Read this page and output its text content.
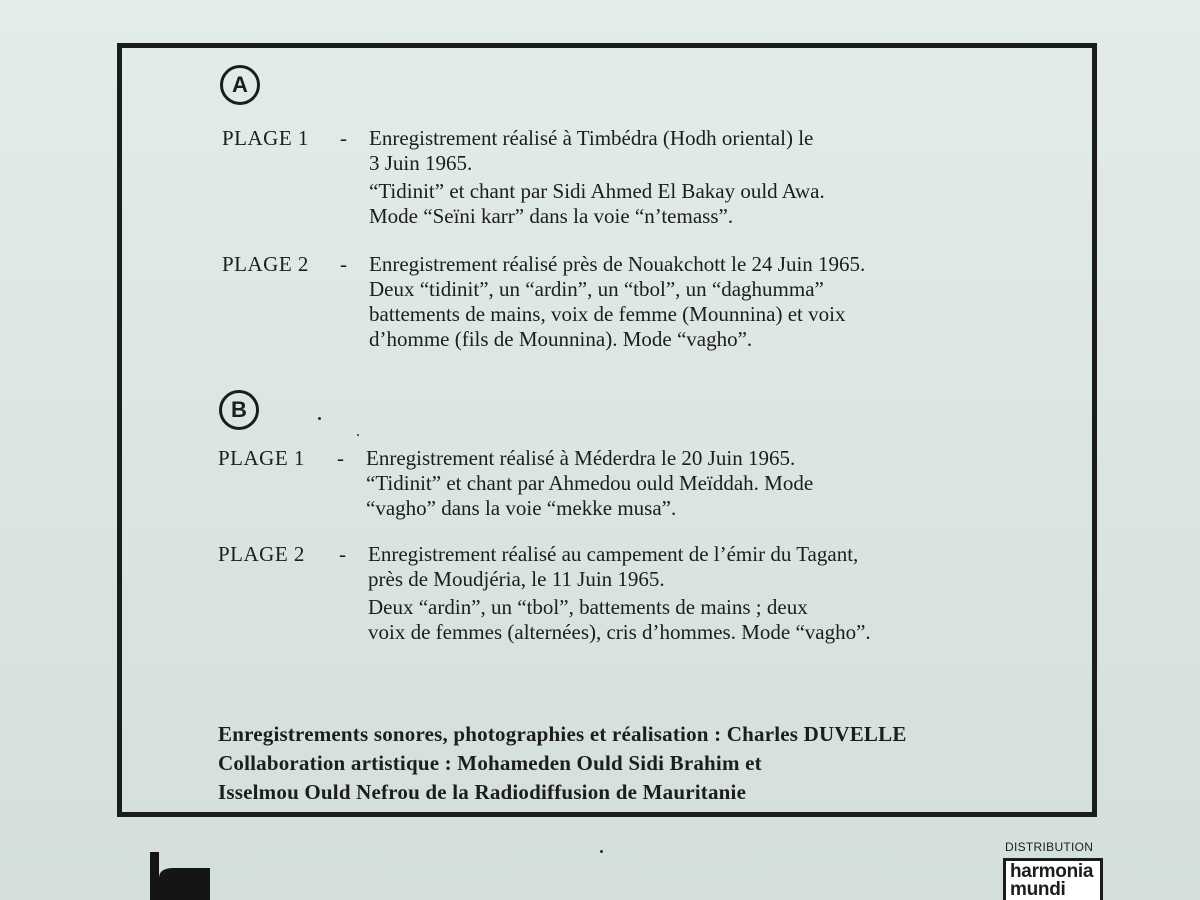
A
PLAGE 1 - Enregistrement réalisé à Timbédra (Hodh oriental) le
3 Juin 1965.
“Tidinit” et chant par Sidi Ahmed El Bakay ould Awa.
Mode “Seïni karr” dans la voie “n’temass”.
PLAGE 2 - Enregistrement réalisé près de Nouakchott le 24 Juin 1965.
Deux “tidinit”, un “ardin”, un “tbol”, un “daghumma”
battements de mains, voix de femme (Mounnina) et voix
d’homme (fils de Mounnina). Mode “vagho”.
B
PLAGE 1 - Enregistrement réalisé à Méderdra le 20 Juin 1965.
“Tidinit” et chant par Ahmedou ould Meïddah. Mode
“vagho” dans la voie “mekke musa”.
PLAGE 2 - Enregistrement réalisé au campement de l’émir du Tagant,
près de Moudjéria, le 11 Juin 1965.
Deux “ardin”, un “tbol”, battements de mains ; deux
voix de femmes (alternées), cris d’hommes. Mode “vagho”.
Enregistrements sonores, photographies et réalisation : Charles DUVELLE
Collaboration artistique : Mohameden Ould Sidi Brahim et
Isselmou Ould Nefrou de la Radiodiffusion de Mauritanie
DISTRIBUTION
harmonia
mundi
